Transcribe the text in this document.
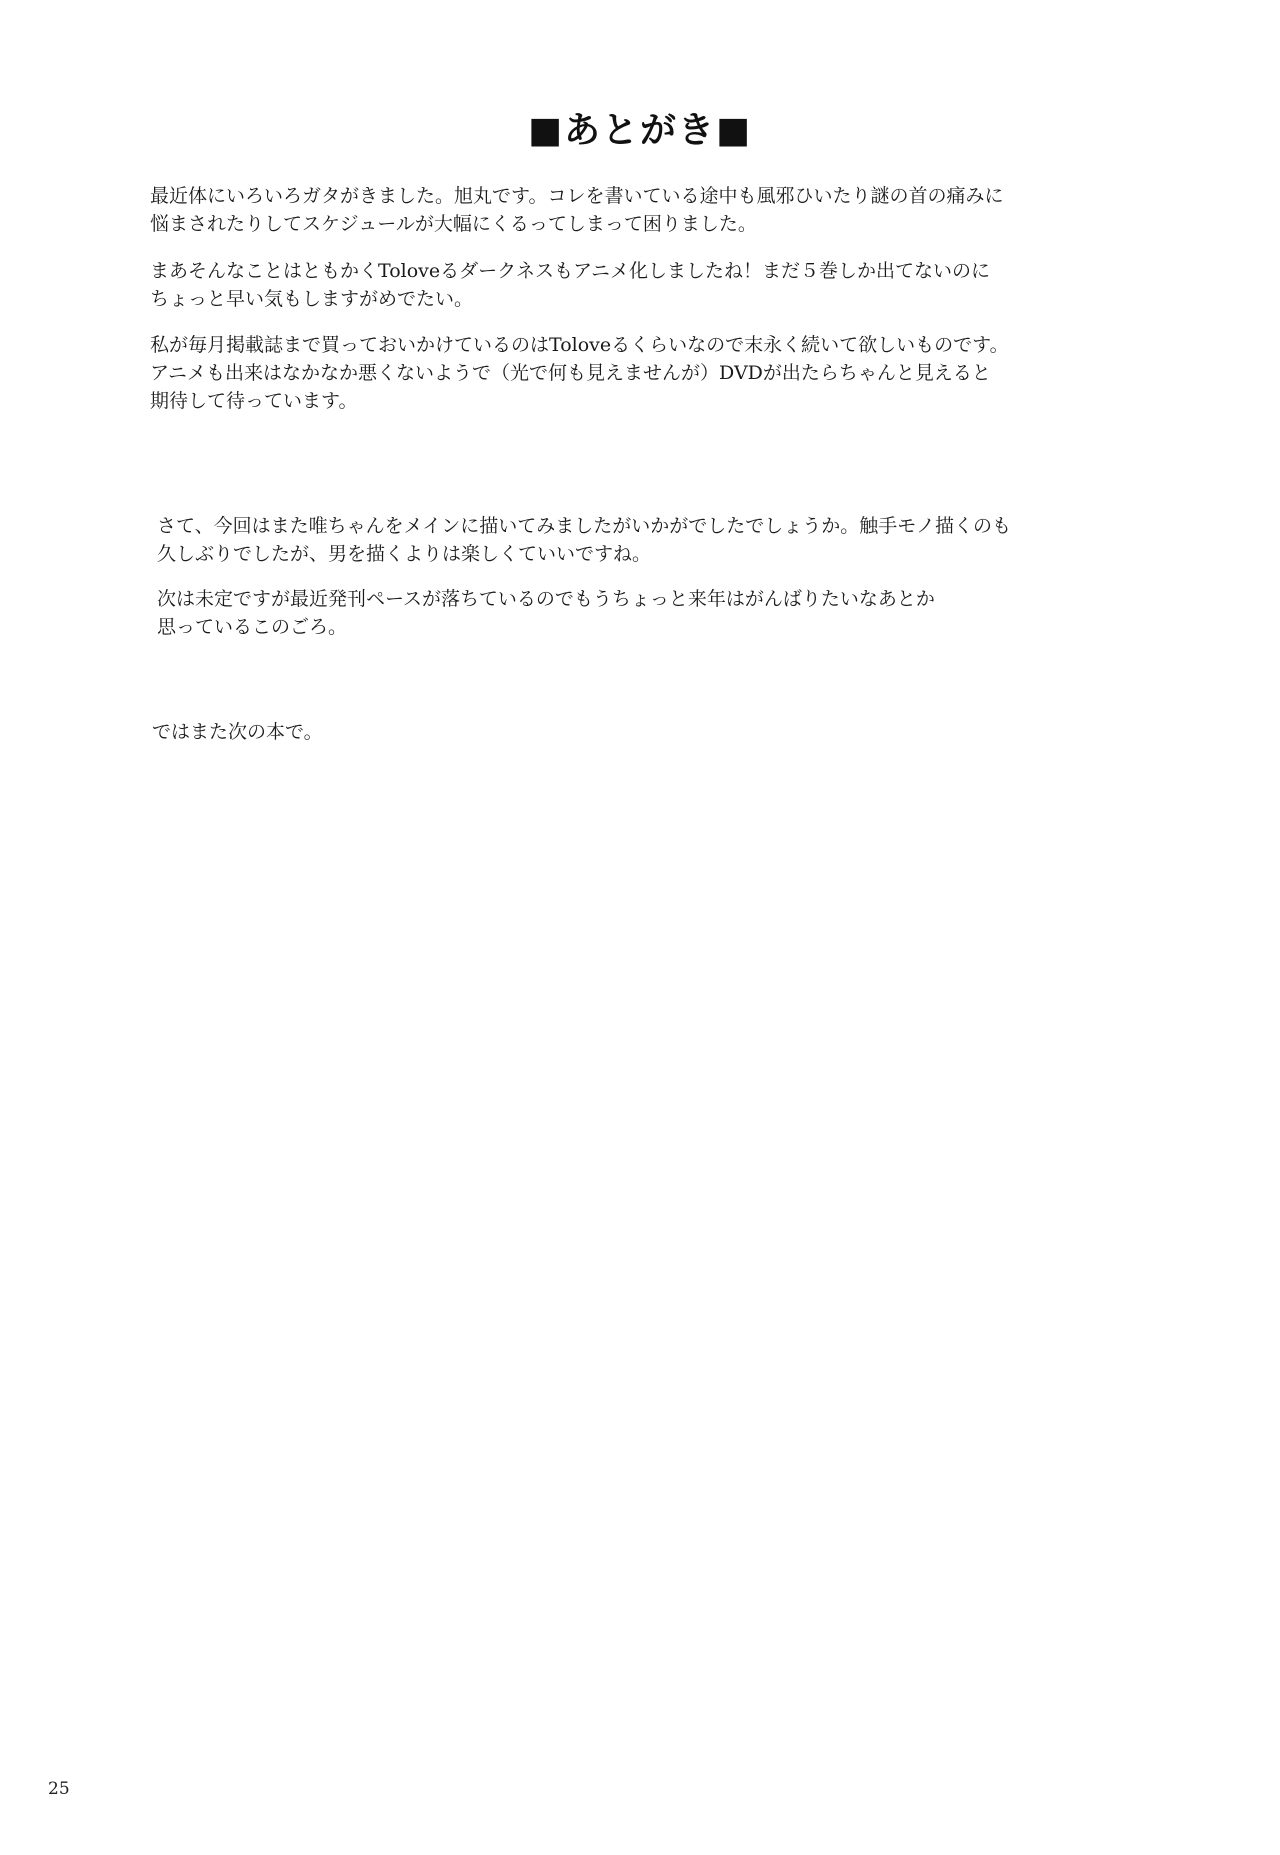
■あとがき■
最近体にいろいろガタがきました。旭丸です。コレを書いている途中も風邪ひいたり謎の首の痛みに
悩まされたりしてスケジュールが大幅にくるってしまって困りました。
まあそんなことはともかくToloveるダークネスもアニメ化しましたね！まだ５巻しか出てないのに
ちょっと早い気もしますがめでたい。
私が毎月掲載誌まで買っておいかけているのはToloveるくらいなので末永く続いて欲しいものです。
アニメも出来はなかなか悪くないようで（光で何も見えませんが）DVDが出たらちゃんと見えると
期待して待っています。
さて、今回はまた唯ちゃんをメインに描いてみましたがいかがでしたでしょうか。触手モノ描くのも
久しぶりでしたが、男を描くよりは楽しくていいですね。
次は未定ですが最近発刊ペースが落ちているのでもうちょっと来年はがんばりたいなあとか
思っているこのごろ。
ではまた次の本で。
25
